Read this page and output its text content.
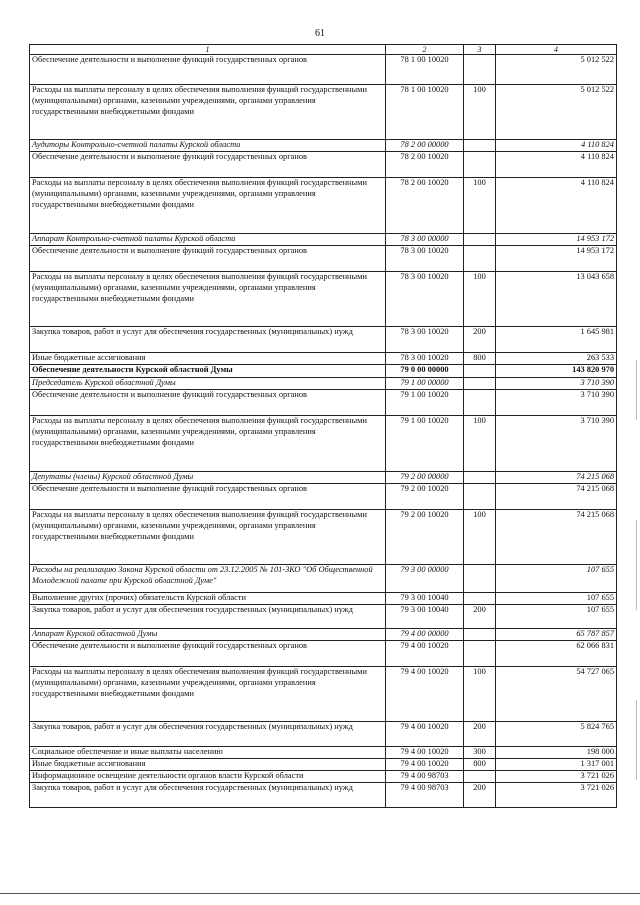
61
1	2	3	4
Обеспечение деятельности и выполнение функций государственных органов	78 1 00 10020		5 012 522
Расходы на выплаты персоналу в целях обеспечения выполнения функций государственными (муниципальными) органами, казенными учреждениями, органами управления государственными внебюджетными фондами	78 1 00 10020	100	5 012 522
Аудиторы Контрольно-счетной палаты Курской области	78 2 00 00000		4 110 824
Обеспечение деятельности и выполнение функций государственных органов	78 2 00 10020		4 110 824
Расходы на выплаты персоналу в целях обеспечения выполнения функций государственными (муниципальными) органами, казенными учреждениями, органами управления государственными внебюджетными фондами	78 2 00 10020	100	4 110 824
Аппарат Контрольно-счетной палаты Курской области	78 3 00 00000		14 953 172
Обеспечение деятельности и выполнение функций государственных органов	78 3 00 10020		14 953 172
Расходы на выплаты персоналу в целях обеспечения выполнения функций государственными (муниципальными) органами, казенными учреждениями, органами управления государственными внебюджетными фондами	78 3 00 10020	100	13 043 658
Закупка товаров, работ и услуг для обеспечения государственных (муниципальных) нужд	78 3 00 10020	200	1 645 981
Иные бюджетные ассигнования	78 3 00 10020	800	263 533
Обеспечение деятельности Курской областной Думы	79 0 00 00000		143 820 970
Председатель Курской областной Думы	79 1 00 00000		3 710 390
Обеспечение деятельности и выполнение функций государственных органов	79 1 00 10020		3 710 390
Расходы на выплаты персоналу в целях обеспечения выполнения функций государственными (муниципальными) органами, казенными учреждениями, органами управления государственными внебюджетными фондами	79 1 00 10020	100	3 710 390
Депутаты (члены) Курской областной Думы	79 2 00 00000		74 215 068
Обеспечение деятельности и выполнение функций государственных органов	79 2 00 10020		74 215 068
Расходы на выплаты персоналу в целях обеспечения выполнения функций государственными (муниципальными) органами, казенными учреждениями, органами управления государственными внебюджетными фондами	79 2 00 10020	100	74 215 068
Расходы на реализацию Закона Курской области от 23.12.2005 № 101-ЗКО "Об Общественной Молодежной палате при Курской областной Думе"	79 3 00 00000		107 655
Выполнение других (прочих) обязательств Курской области	79 3 00 10040		107 655
Закупка товаров, работ и услуг для обеспечения государственных (муниципальных) нужд	79 3 00 10040	200	107 655
Аппарат Курской областной Думы	79 4 00 00000		65 787 857
Обеспечение деятельности и выполнение функций государственных органов	79 4 00 10020		62 066 831
Расходы на выплаты персоналу в целях обеспечения выполнения функций государственными (муниципальными) органами, казенными учреждениями, органами управления государственными внебюджетными фондами	79 4 00 10020	100	54 727 065
Закупка товаров, работ и услуг для обеспечения государственных (муниципальных) нужд	79 4 00 10020	200	5 824 765
Социальное обеспечение и иные выплаты населению	79 4 00 10020	300	198 000
Иные бюджетные ассигнования	79 4 00 10020	800	1 317 001
Информационное освещение деятельности органов власти Курской области	79 4 00 98703		3 721 026
Закупка товаров, работ и услуг для обеспечения государственных (муниципальных) нужд	79 4 00 98703	200	3 721 026
